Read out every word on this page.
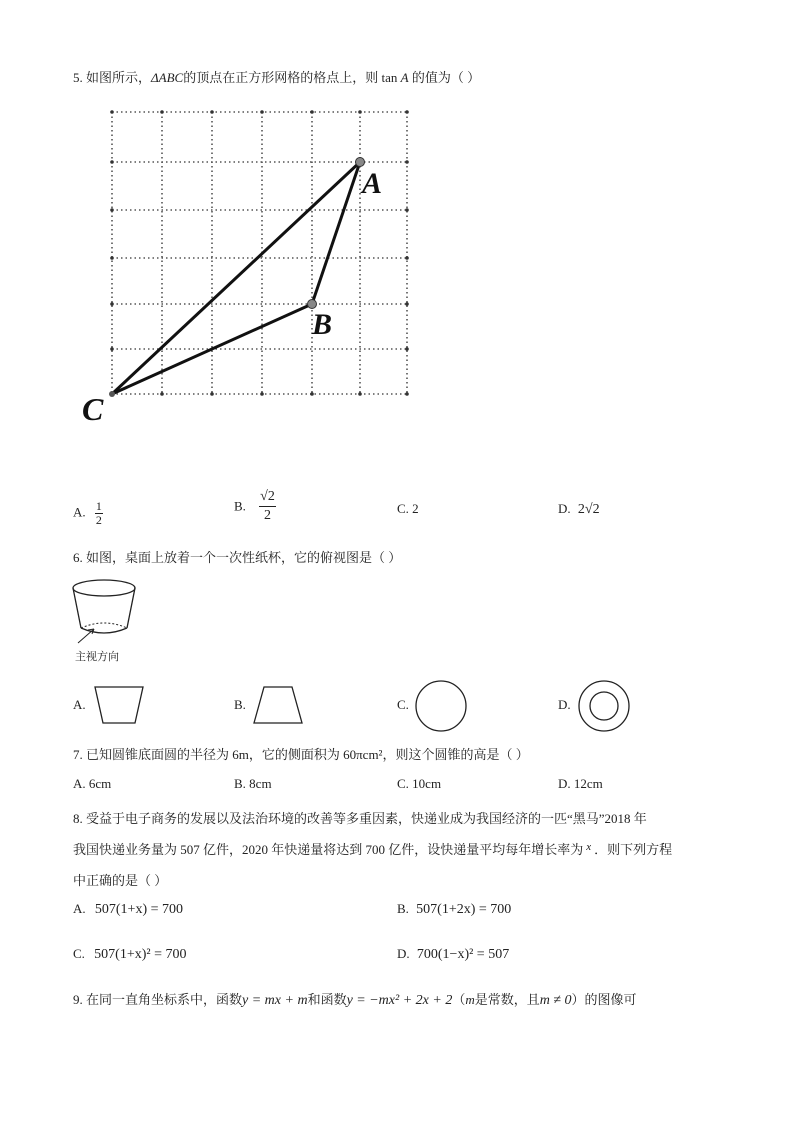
5. 如图所示，ΔABC的顶点在正方形网格的格点上，则 tan A 的值为（ ）
A
B
C
A. $\frac{1}{2}$	B. $\frac{√2}{2}$	C. 2	D. 2√2
6. 如图，桌面上放着一个一次性纸杯，它的俯视图是（ ）
主视方向
A.	B.	C.	D.
7. 已知圆锥底面圆的半径为 6m，它的侧面积为 60πcm²，则这个圆锥的高是（ ）
A. 6cm	B. 8cm	C. 10cm	D. 12cm
8. 受益于电子商务的发展以及法治环境的改善等多重因素，快递业成为我国经济的一匹“黑马”2018 年
我国快递业务量为 507 亿件，2020 年快递量将达到 700 亿件，设快递量平均每年增长率为 $^x$ ．则下列方程
中正确的是（ ）
A. 507(1+x) = 700	B. 507(1+2x) = 700
C. 507(1+x)² = 700	D. 700(1−x)² = 507
9. 在同一直角坐标系中，函数y = mx + m和函数y = −mx² + 2x + 2（m是常数，且m ≠ 0）的图像可
